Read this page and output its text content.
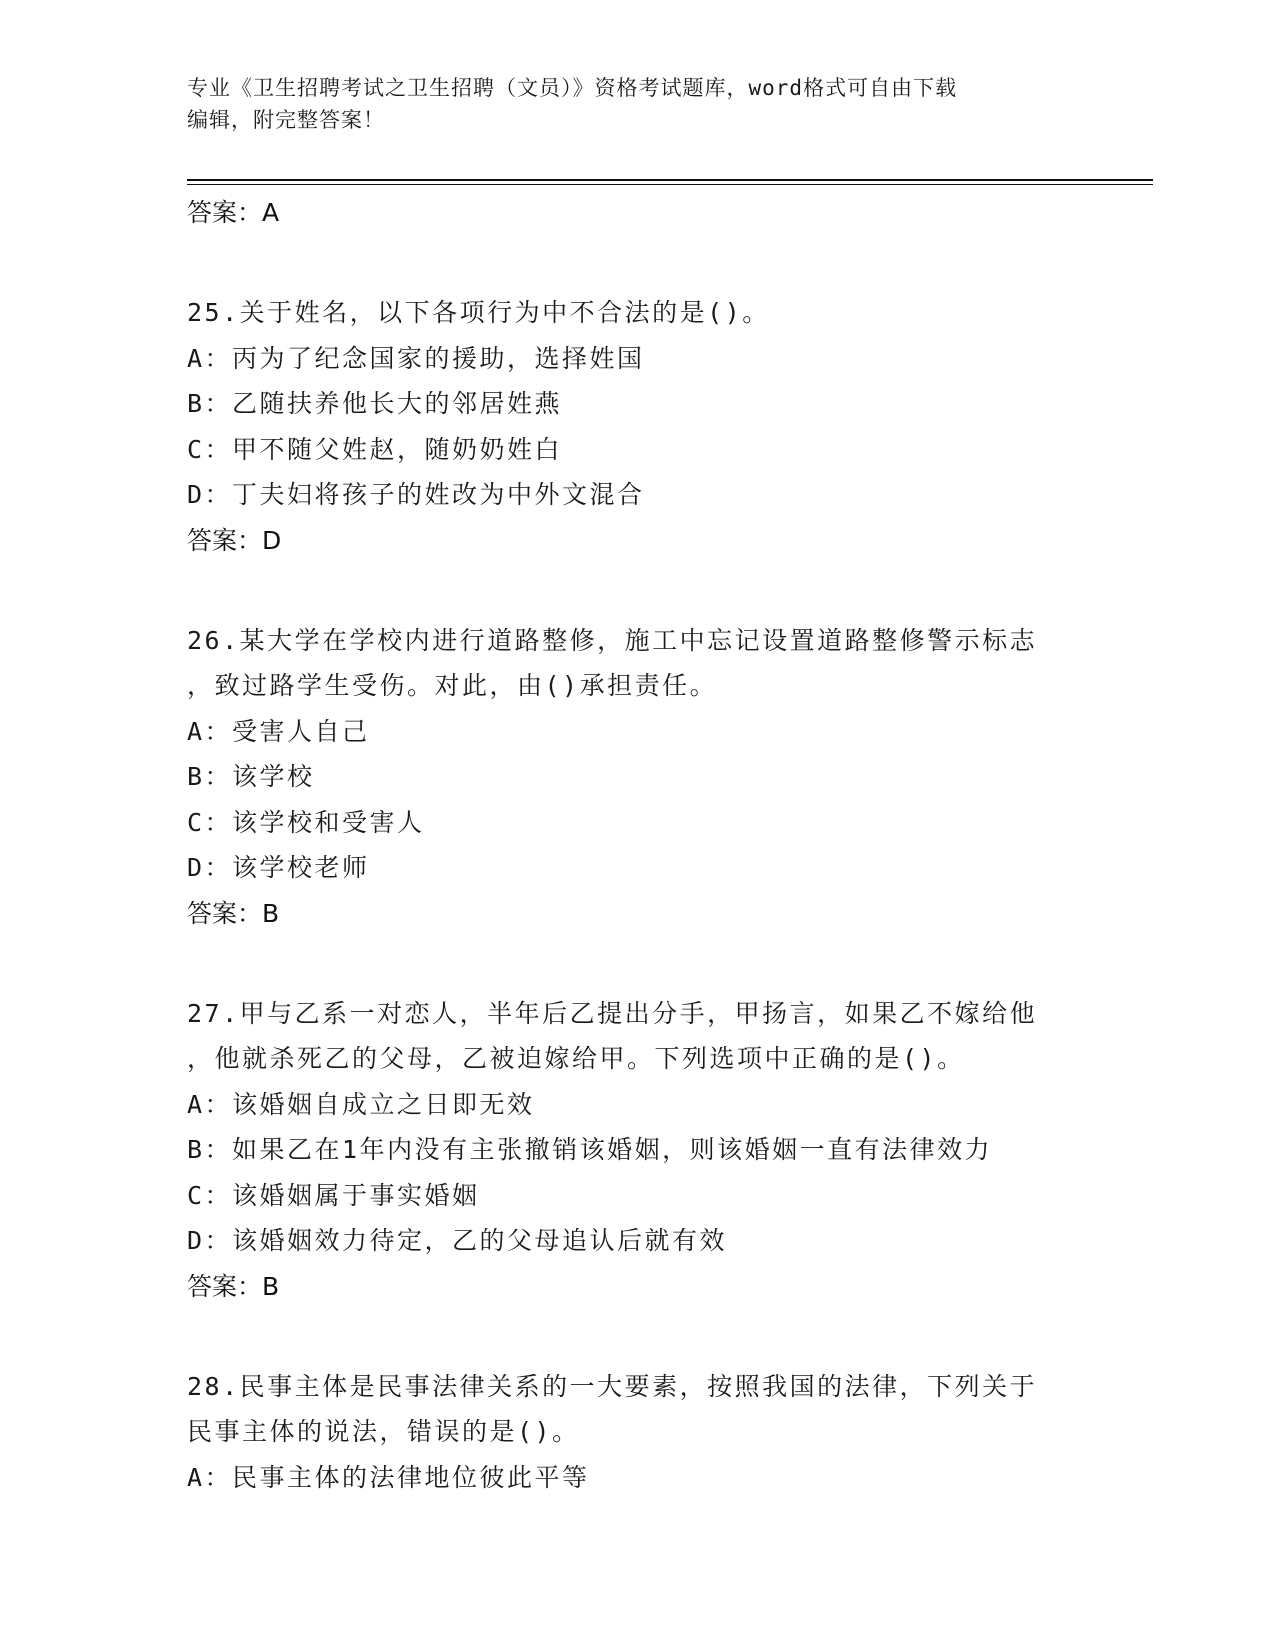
专业《卫生招聘考试之卫生招聘（文员）》资格考试题库，word格式可自由下载
编辑，附完整答案！
答案：A
25.关于姓名，以下各项行为中不合法的是()。
A：丙为了纪念国家的援助，选择姓国
B：乙随扶养他长大的邻居姓燕
C：甲不随父姓赵，随奶奶姓白
D：丁夫妇将孩子的姓改为中外文混合
答案：D
26.某大学在学校内进行道路整修，施工中忘记设置道路整修警示标志
，致过路学生受伤。对此，由()承担责任。
A：受害人自己
B：该学校
C：该学校和受害人
D：该学校老师
答案：B
27.甲与乙系一对恋人，半年后乙提出分手，甲扬言，如果乙不嫁给他
，他就杀死乙的父母，乙被迫嫁给甲。下列选项中正确的是()。
A：该婚姻自成立之日即无效
B：如果乙在1年内没有主张撤销该婚姻，则该婚姻一直有法律效力
C：该婚姻属于事实婚姻
D：该婚姻效力待定，乙的父母追认后就有效
答案：B
28.民事主体是民事法律关系的一大要素，按照我国的法律，下列关于
民事主体的说法，错误的是()。
A：民事主体的法律地位彼此平等
